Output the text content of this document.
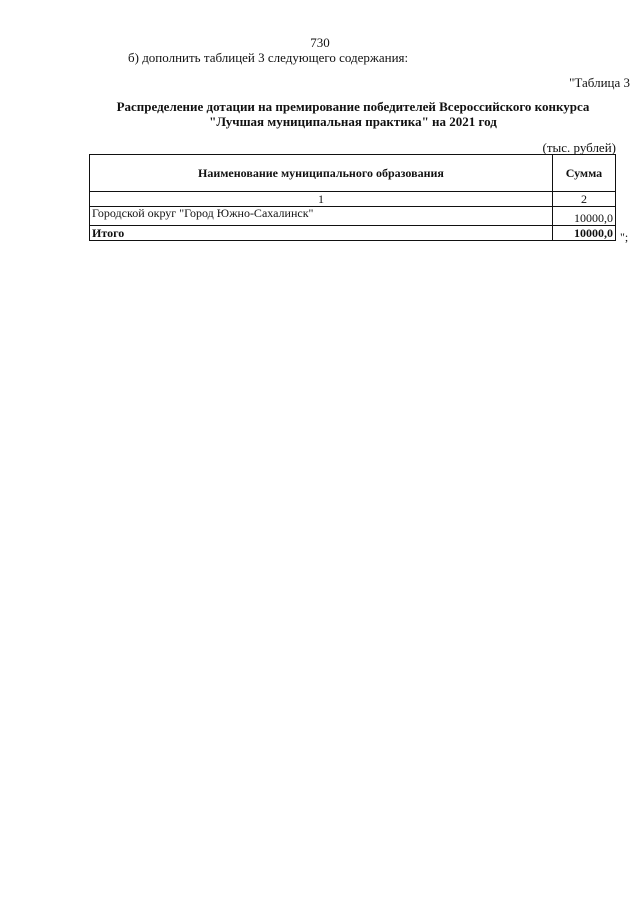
730
б) дополнить таблицей 3 следующего содержания:
"Таблица 3
Распределение дотации на премирование победителей Всероссийского конкурса
"Лучшая муниципальная практика" на 2021 год
(тыс. рублей)
Наименование муниципального образования	Сумма
1	2
Городской округ "Город Южно-Сахалинск"	10000,0
Итого	10000,0 ";
